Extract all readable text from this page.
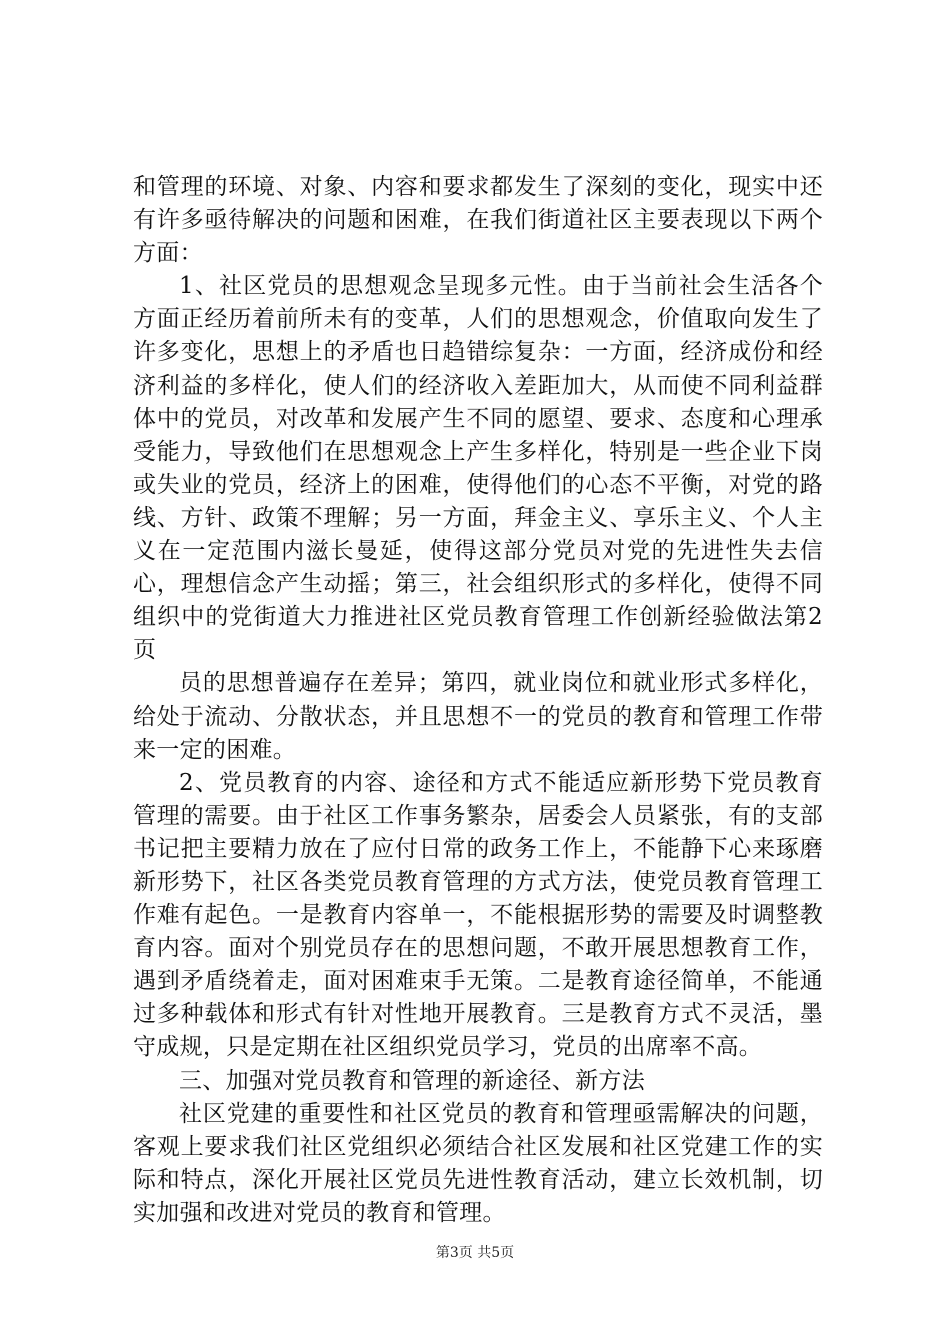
和管理的环境、对象、内容和要求都发生了深刻的变化，现实中还有许多亟待解决的问题和困难，在我们街道社区主要表现以下两个方面：

1、社区党员的思想观念呈现多元性。由于当前社会生活各个方面正经历着前所未有的变革，人们的思想观念，价值取向发生了许多变化，思想上的矛盾也日趋错综复杂：一方面，经济成份和经济利益的多样化，使人们的经济收入差距加大，从而使不同利益群体中的党员，对改革和发展产生不同的愿望、要求、态度和心理承受能力，导致他们在思想观念上产生多样化，特别是一些企业下岗或失业的党员，经济上的困难，使得他们的心态不平衡，对党的路线、方针、政策不理解；另一方面，拜金主义、享乐主义、个人主义在一定范围内滋长曼延，使得这部分党员对党的先进性失去信心，理想信念产生动摇；第三，社会组织形式的多样化，使得不同组织中的党街道大力推进社区党员教育管理工作创新经验做法第2页

员的思想普遍存在差异；第四，就业岗位和就业形式多样化，给处于流动、分散状态，并且思想不一的党员的教育和管理工作带来一定的困难。

2、党员教育的内容、途径和方式不能适应新形势下党员教育管理的需要。由于社区工作事务繁杂，居委会人员紧张，有的支部书记把主要精力放在了应付日常的政务工作上，不能静下心来琢磨新形势下，社区各类党员教育管理的方式方法，使党员教育管理工作难有起色。一是教育内容单一，不能根据形势的需要及时调整教育内容。面对个别党员存在的思想问题，不敢开展思想教育工作，遇到矛盾绕着走，面对困难束手无策。二是教育途径简单，不能通过多种载体和形式有针对性地开展教育。三是教育方式不灵活，墨守成规，只是定期在社区组织党员学习，党员的出席率不高。

三、加强对党员教育和管理的新途径、新方法

社区党建的重要性和社区党员的教育和管理亟需解决的问题，客观上要求我们社区党组织必须结合社区发展和社区党建工作的实际和特点，深化开展社区党员先进性教育活动，建立长效机制，切实加强和改进对党员的教育和管理。

第3页 共5页
